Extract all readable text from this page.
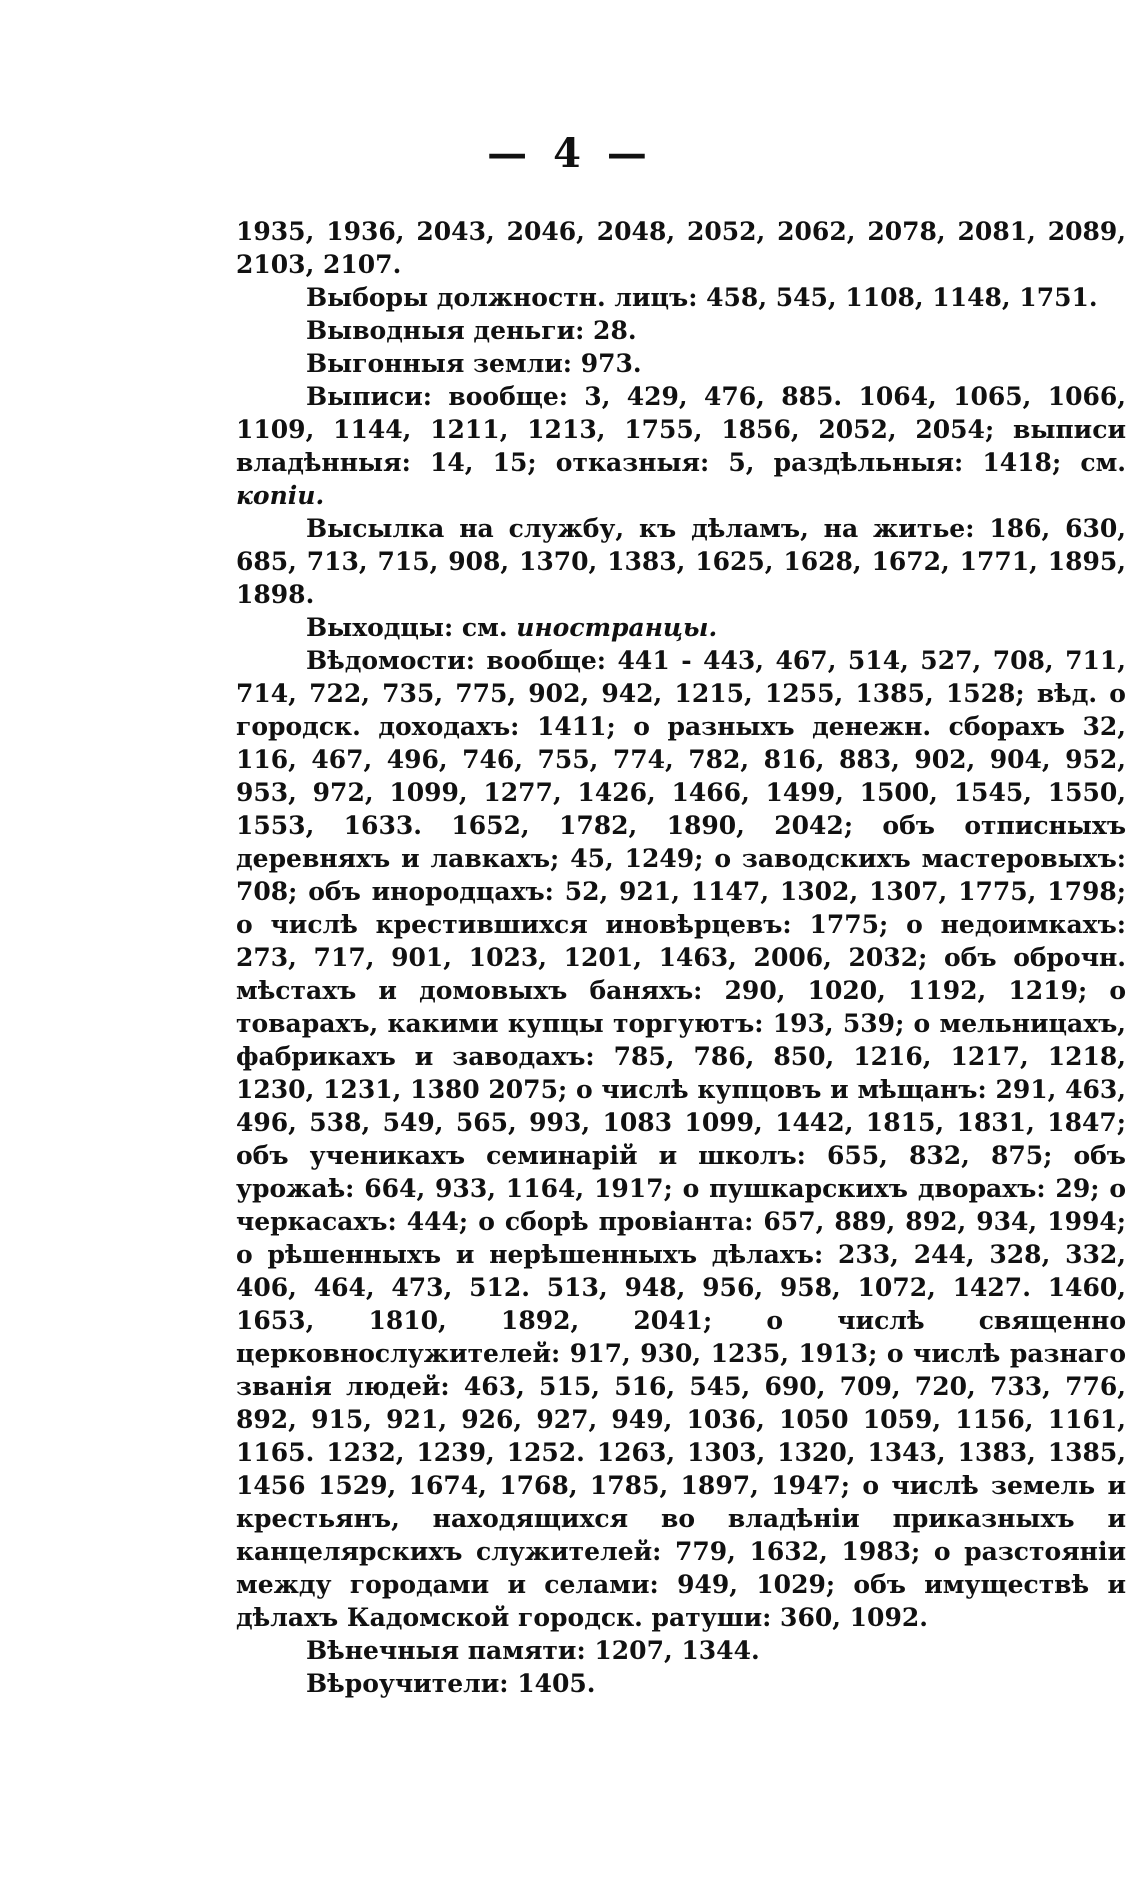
— 4 —

1935, 1936, 2043, 2046, 2048, 2052, 2062, 2078, 2081, 2089, 2103, 2107.

Выборы должностн. лицъ: 458, 545, 1108, 1148, 1751.

Выводныя деньги: 28.

Выгонныя земли: 973.

Выписи: вообще: 3, 429, 476, 885. 1064, 1065, 1066, 1109, 1144, 1211, 1213, 1755, 1856, 2052, 2054; выписи владѣнныя: 14, 15; отказныя: 5, раздѣльныя: 1418; см. копіи.

Высылка на службу, къ дѣламъ, на житье: 186, 630, 685, 713, 715, 908, 1370, 1383, 1625, 1628, 1672, 1771, 1895, 1898.

Выходцы: см. иностранцы.

Вѣдомости: вообще: 441 - 443, 467, 514, 527, 708, 711, 714, 722, 735, 775, 902, 942, 1215, 1255, 1385, 1528; вѣд. о городск. доходахъ: 1411; о разныхъ денежн. сборахъ 32, 116, 467, 496, 746, 755, 774, 782, 816, 883, 902, 904, 952, 953, 972, 1099, 1277, 1426, 1466, 1499, 1500, 1545, 1550, 1553, 1633. 1652, 1782, 1890, 2042; объ отписныхъ деревняхъ и лавкахъ; 45, 1249; о заводскихъ мастеровыхъ: 708; объ инородцахъ: 52, 921, 1147, 1302, 1307, 1775, 1798; о числѣ крестившихся иновѣрцевъ: 1775; о недоимкахъ: 273, 717, 901, 1023, 1201, 1463, 2006, 2032; объ оброчн. мѣстахъ и домовыхъ баняхъ: 290, 1020, 1192, 1219; о товарахъ, какими купцы торгуютъ: 193, 539; о мельницахъ, фабрикахъ и заводахъ: 785, 786, 850, 1216, 1217, 1218, 1230, 1231, 1380 2075; о числѣ купцовъ и мѣщанъ: 291, 463, 496, 538, 549, 565, 993, 1083 1099, 1442, 1815, 1831, 1847; объ ученикахъ семинарій и школъ: 655, 832, 875; объ урожаѣ: 664, 933, 1164, 1917; о пушкарскихъ дворахъ: 29; о черкасахъ: 444; о сборѣ провіанта: 657, 889, 892, 934, 1994; о рѣшенныхъ и нерѣшенныхъ дѣлахъ: 233, 244, 328, 332, 406, 464, 473, 512. 513, 948, 956, 958, 1072, 1427. 1460, 1653, 1810, 1892, 2041; о числѣ священно церковнослужителей: 917, 930, 1235, 1913; о числѣ разнаго званія людей: 463, 515, 516, 545, 690, 709, 720, 733, 776, 892, 915, 921, 926, 927, 949, 1036, 1050 1059, 1156, 1161, 1165. 1232, 1239, 1252. 1263, 1303, 1320, 1343, 1383, 1385, 1456 1529, 1674, 1768, 1785, 1897, 1947; о числѣ земель и крестьянъ, находящихся во владѣніи приказныхъ и канцелярскихъ служителей: 779, 1632, 1983; о разстояніи между городами и селами: 949, 1029; объ имуществѣ и дѣлахъ Кадомской городск. ратуши: 360, 1092.

Вѣнечныя памяти: 1207, 1344.

Вѣроучители: 1405.
